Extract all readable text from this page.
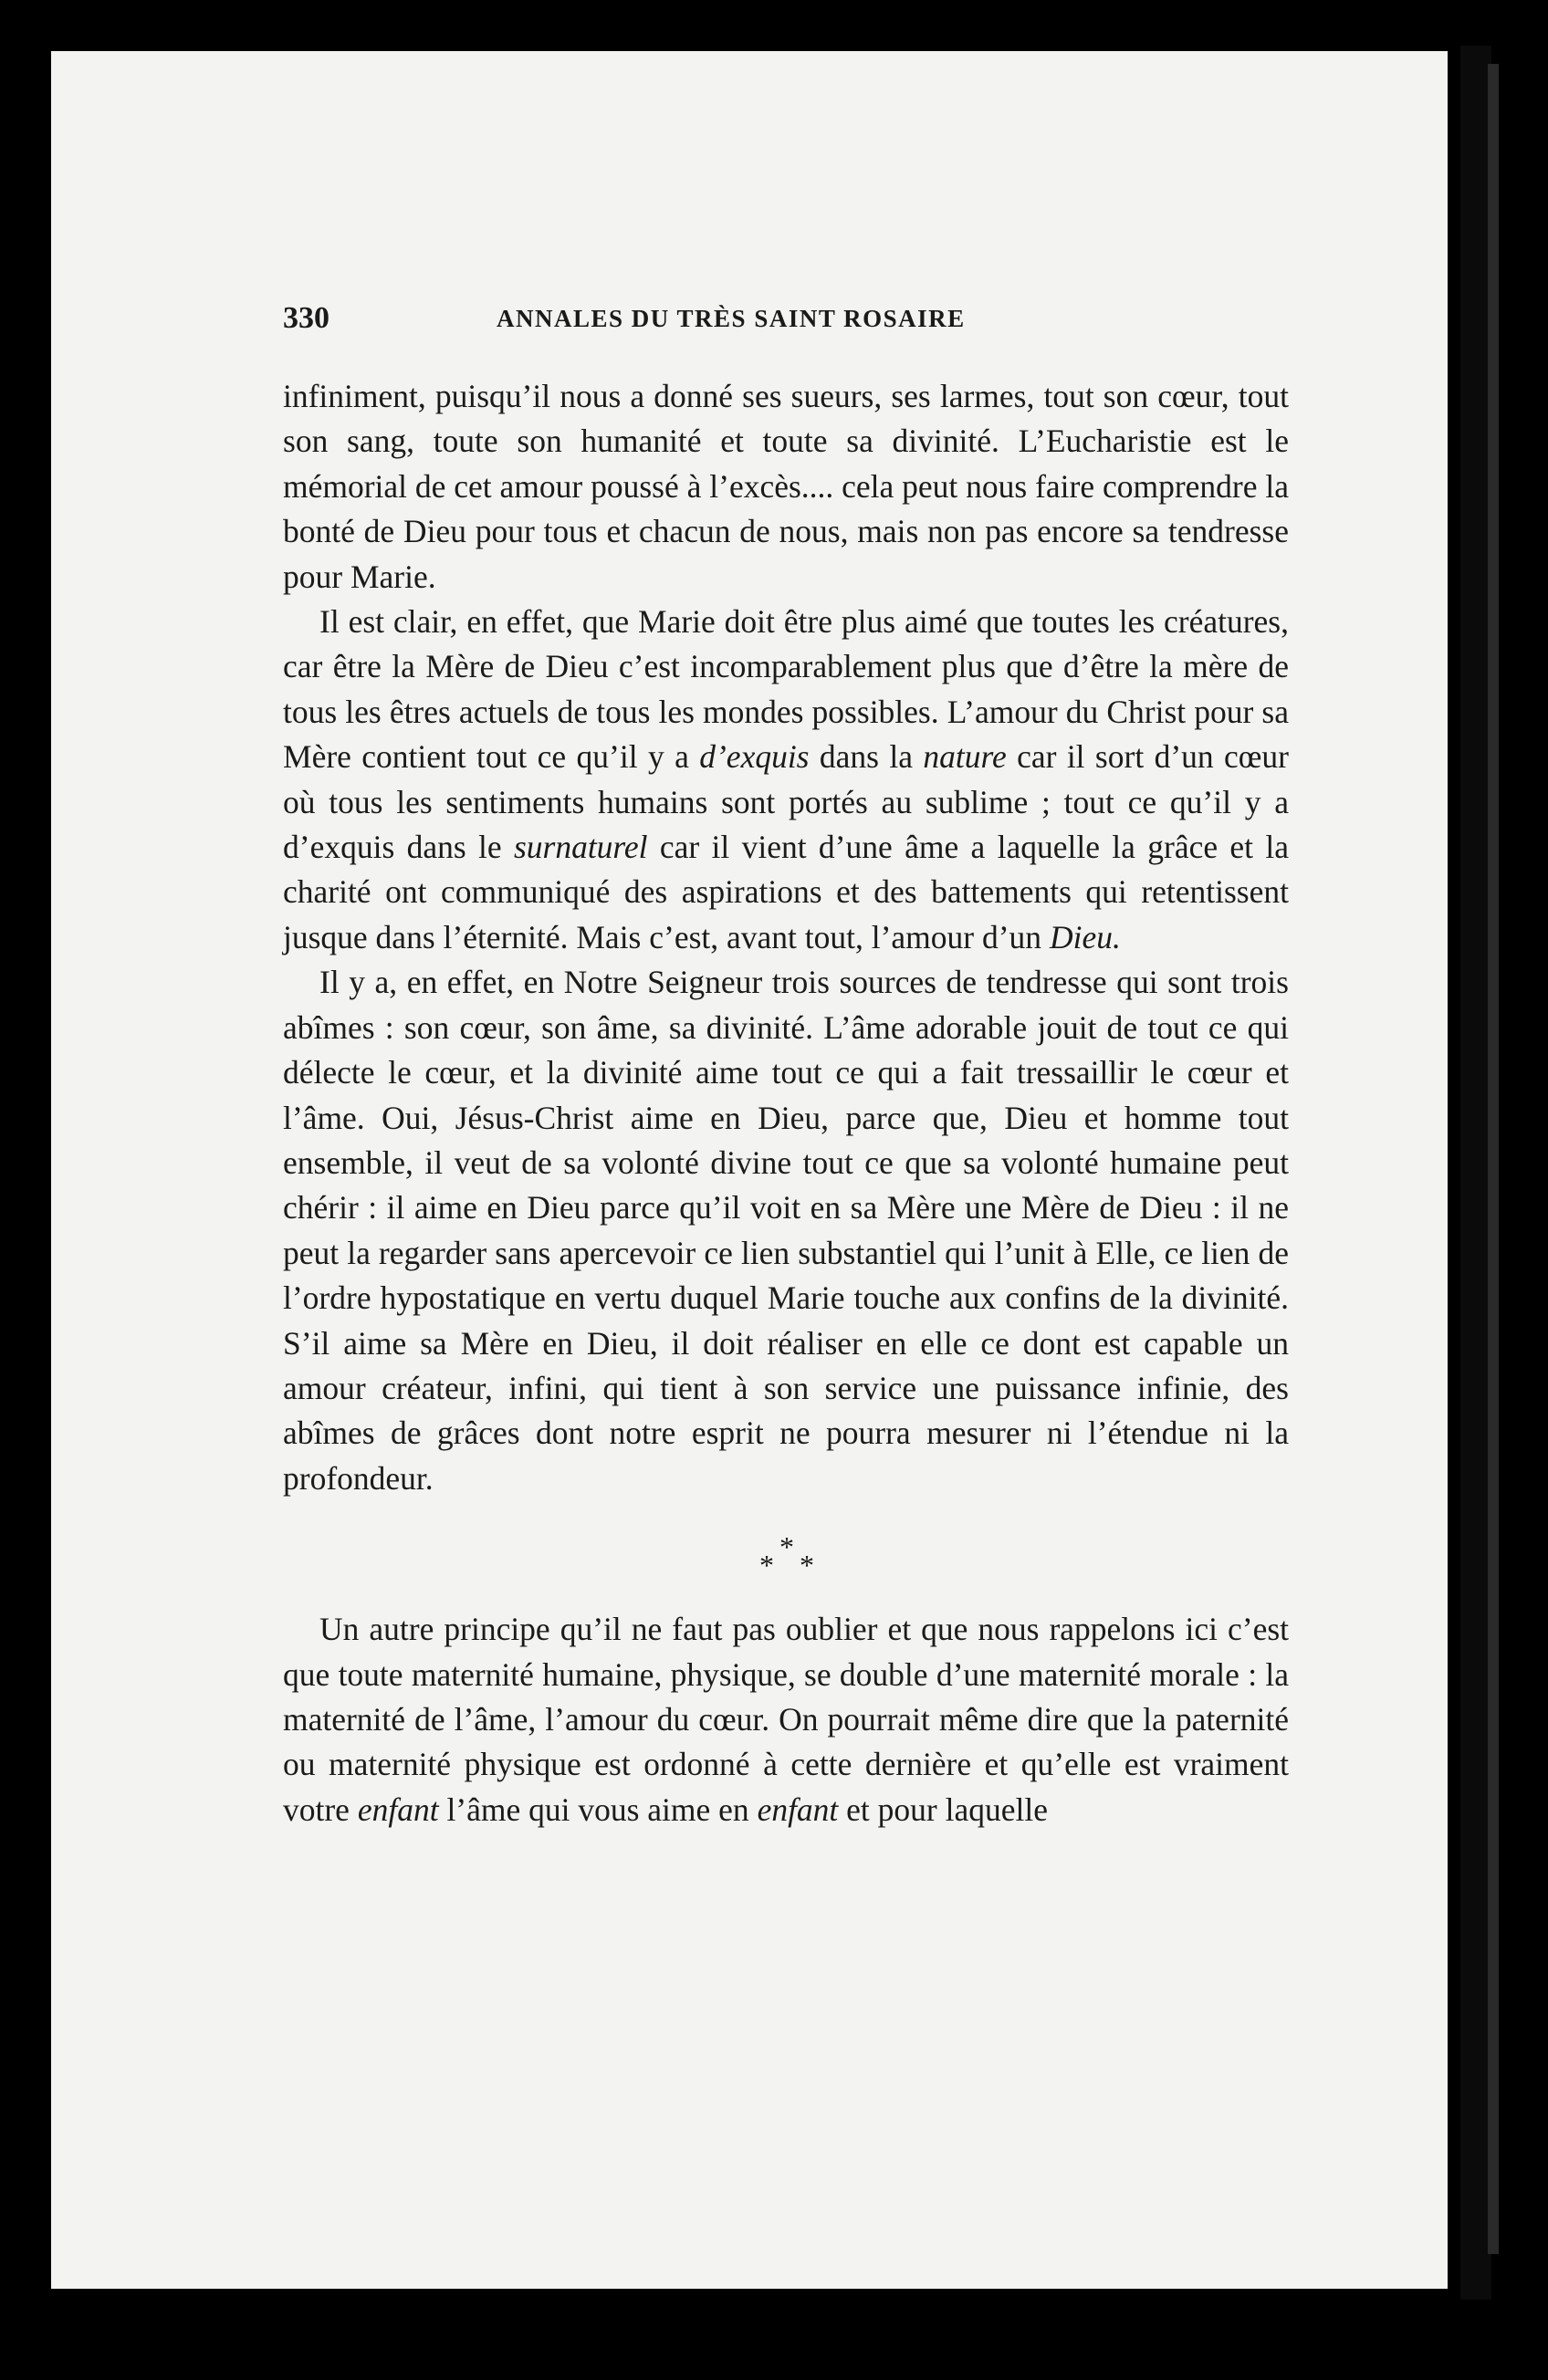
330	ANNALES DU TRÈS SAINT ROSAIRE

infiniment, puisqu’il nous a donné ses sueurs, ses larmes, tout son cœur, tout son sang, toute son humanité et toute sa divinité. L’Eucharistie est le mémorial de cet amour poussé à l’excès.... cela peut nous faire comprendre la bonté de Dieu pour tous et chacun de nous, mais non pas encore sa tendresse pour Marie.

Il est clair, en effet, que Marie doit être plus aimé que toutes les créatures, car être la Mère de Dieu c’est incomparablement plus que d’être la mère de tous les êtres actuels de tous les mondes possibles. L’amour du Christ pour sa Mère contient tout ce qu’il y a d’exquis dans la nature car il sort d’un cœur où tous les sentiments humains sont portés au sublime ; tout ce qu’il y a d’exquis dans le surnaturel car il vient d’une âme a laquelle la grâce et la charité ont communiqué des aspirations et des battements qui retentissent jusque dans l’éternité. Mais c’est, avant tout, l’amour d’un Dieu.

Il y a, en effet, en Notre Seigneur trois sources de tendresse qui sont trois abîmes : son cœur, son âme, sa divinité. L’âme adorable jouit de tout ce qui délecte le cœur, et la divinité aime tout ce qui a fait tressaillir le cœur et l’âme. Oui, Jésus-Christ aime en Dieu, parce que, Dieu et homme tout ensemble, il veut de sa volonté divine tout ce que sa volonté humaine peut chérir : il aime en Dieu parce qu’il voit en sa Mère une Mère de Dieu : il ne peut la regarder sans apercevoir ce lien substantiel qui l’unit à Elle, ce lien de l’ordre hypostatique en vertu duquel Marie touche aux confins de la divinité. S’il aime sa Mère en Dieu, il doit réaliser en elle ce dont est capable un amour créateur, infini, qui tient à son service une puissance infinie, des abîmes de grâces dont notre esprit ne pourra mesurer ni l’étendue ni la profondeur.

*
*
*

Un autre principe qu’il ne faut pas oublier et que nous rappelons ici c’est que toute maternité humaine, physique, se double d’une maternité morale : la maternité de l’âme, l’amour du cœur. On pourrait même dire que la paternité ou maternité physique est ordonné à cette dernière et qu’elle est vraiment votre enfant l’âme qui vous aime en enfant et pour laquelle
